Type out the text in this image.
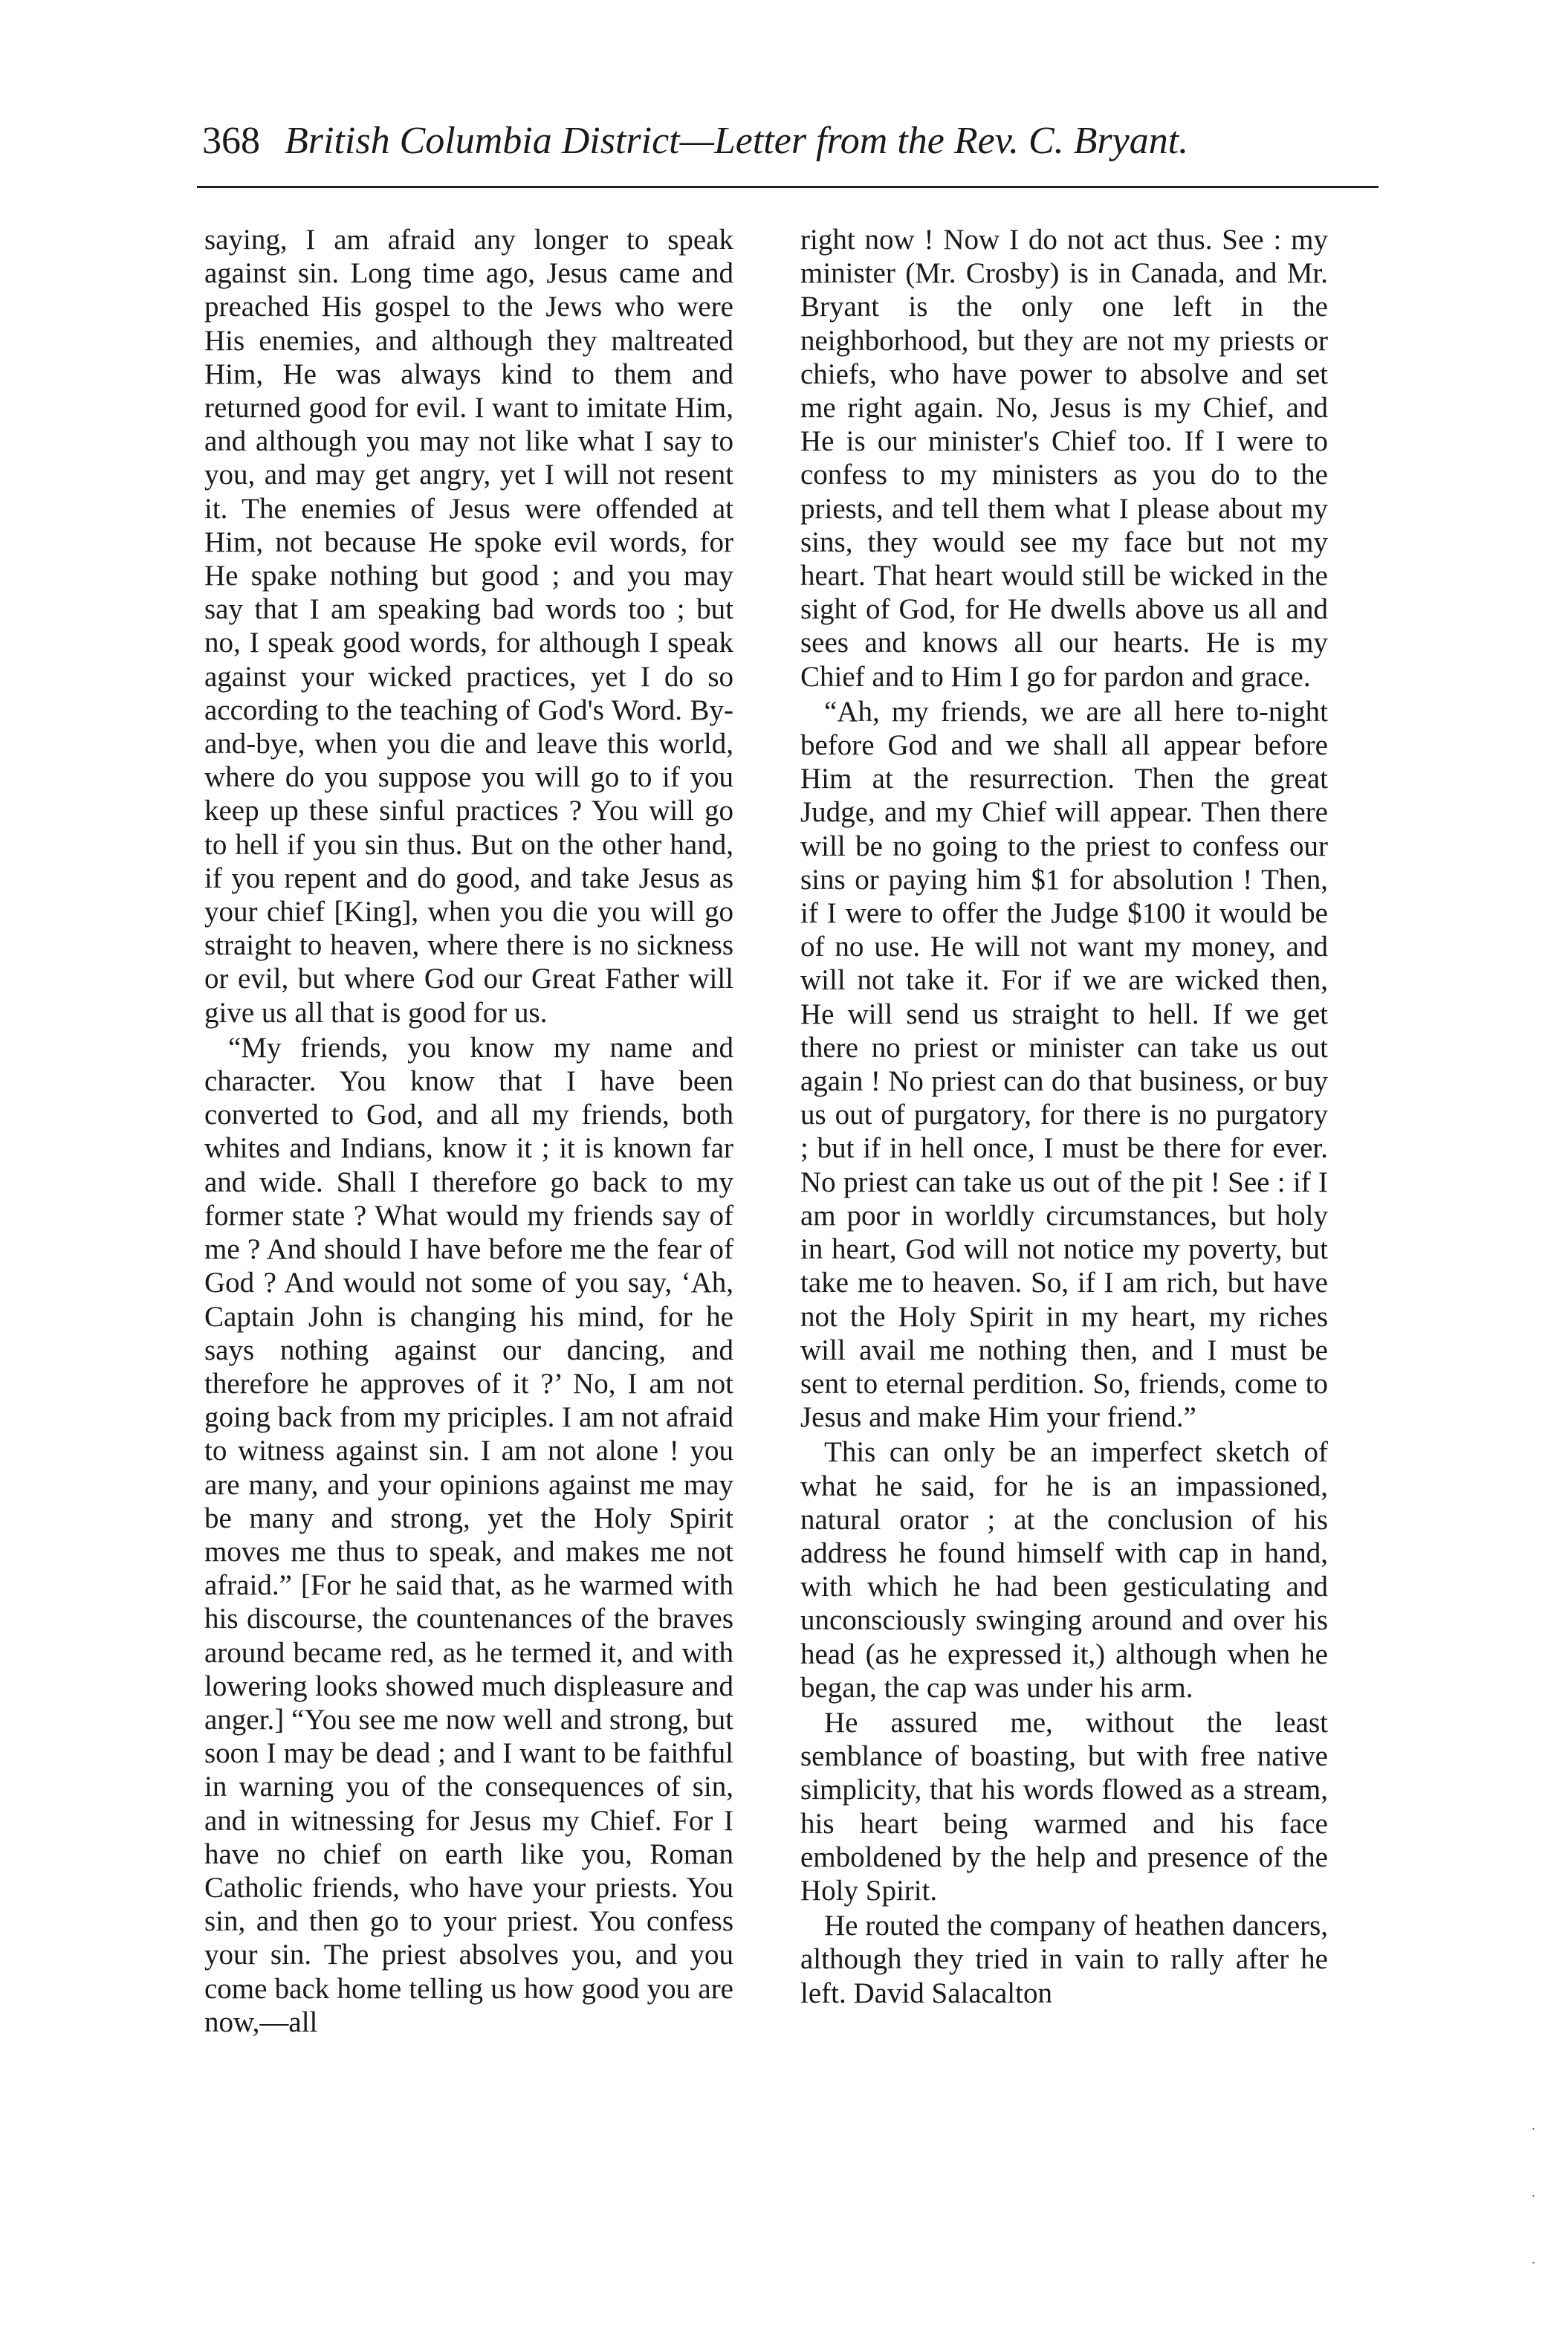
368 British Columbia District—Letter from the Rev. C. Bryant.

saying, I am afraid any longer to speak against sin. Long time ago, Jesus came and preached His gospel to the Jews who were His enemies, and although they maltreated Him, He was always kind to them and returned good for evil. I want to imitate Him, and although you may not like what I say to you, and may get angry, yet I will not resent it. The enemies of Jesus were offended at Him, not because He spoke evil words, for He spake nothing but good ; and you may say that I am speaking bad words too ; but no, I speak good words, for although I speak against your wicked practices, yet I do so according to the teaching of God's Word. By-and-bye, when you die and leave this world, where do you suppose you will go to if you keep up these sinful practices ? You will go to hell if you sin thus. But on the other hand, if you repent and do good, and take Jesus as your chief [King], when you die you will go straight to heaven, where there is no sickness or evil, but where God our Great Father will give us all that is good for us.

“My friends, you know my name and character. You know that I have been converted to God, and all my friends, both whites and Indians, know it ; it is known far and wide. Shall I therefore go back to my former state ? What would my friends say of me ? And should I have before me the fear of God ? And would not some of you say, ‘Ah, Captain John is changing his mind, for he says nothing against our dancing, and therefore he approves of it ?’ No, I am not going back from my priciples. I am not afraid to witness against sin. I am not alone ! you are many, and your opinions against me may be many and strong, yet the Holy Spirit moves me thus to speak, and makes me not afraid.” [For he said that, as he warmed with his discourse, the countenances of the braves around became red, as he termed it, and with lowering looks showed much displeasure and anger.] “You see me now well and strong, but soon I may be dead ; and I want to be faithful in warning you of the consequences of sin, and in witnessing for Jesus my Chief. For I have no chief on earth like you, Roman Catholic friends, who have your priests. You sin, and then go to your priest. You confess your sin. The priest absolves you, and you come back home telling us how good you are now,—all

right now ! Now I do not act thus. See : my minister (Mr. Crosby) is in Canada, and Mr. Bryant is the only one left in the neighborhood, but they are not my priests or chiefs, who have power to absolve and set me right again. No, Jesus is my Chief, and He is our minister's Chief too. If I were to confess to my ministers as you do to the priests, and tell them what I please about my sins, they would see my face but not my heart. That heart would still be wicked in the sight of God, for He dwells above us all and sees and knows all our hearts. He is my Chief and to Him I go for pardon and grace.

“Ah, my friends, we are all here to-night before God and we shall all appear before Him at the resurrection. Then the great Judge, and my Chief will appear. Then there will be no going to the priest to confess our sins or paying him $1 for absolution ! Then, if I were to offer the Judge $100 it would be of no use. He will not want my money, and will not take it. For if we are wicked then, He will send us straight to hell. If we get there no priest or minister can take us out again ! No priest can do that business, or buy us out of purgatory, for there is no purgatory ; but if in hell once, I must be there for ever. No priest can take us out of the pit ! See : if I am poor in worldly circumstances, but holy in heart, God will not notice my poverty, but take me to heaven. So, if I am rich, but have not the Holy Spirit in my heart, my riches will avail me nothing then, and I must be sent to eternal perdition. So, friends, come to Jesus and make Him your friend.”

This can only be an imperfect sketch of what he said, for he is an impassioned, natural orator ; at the conclusion of his address he found himself with cap in hand, with which he had been gesticulating and unconsciously swinging around and over his head (as he expressed it,) although when he began, the cap was under his arm.

He assured me, without the least semblance of boasting, but with free native simplicity, that his words flowed as a stream, his heart being warmed and his face emboldened by the help and presence of the Holy Spirit.

He routed the company of heathen dancers, although they tried in vain to rally after he left. David Salacalton

˙
˙
˙
